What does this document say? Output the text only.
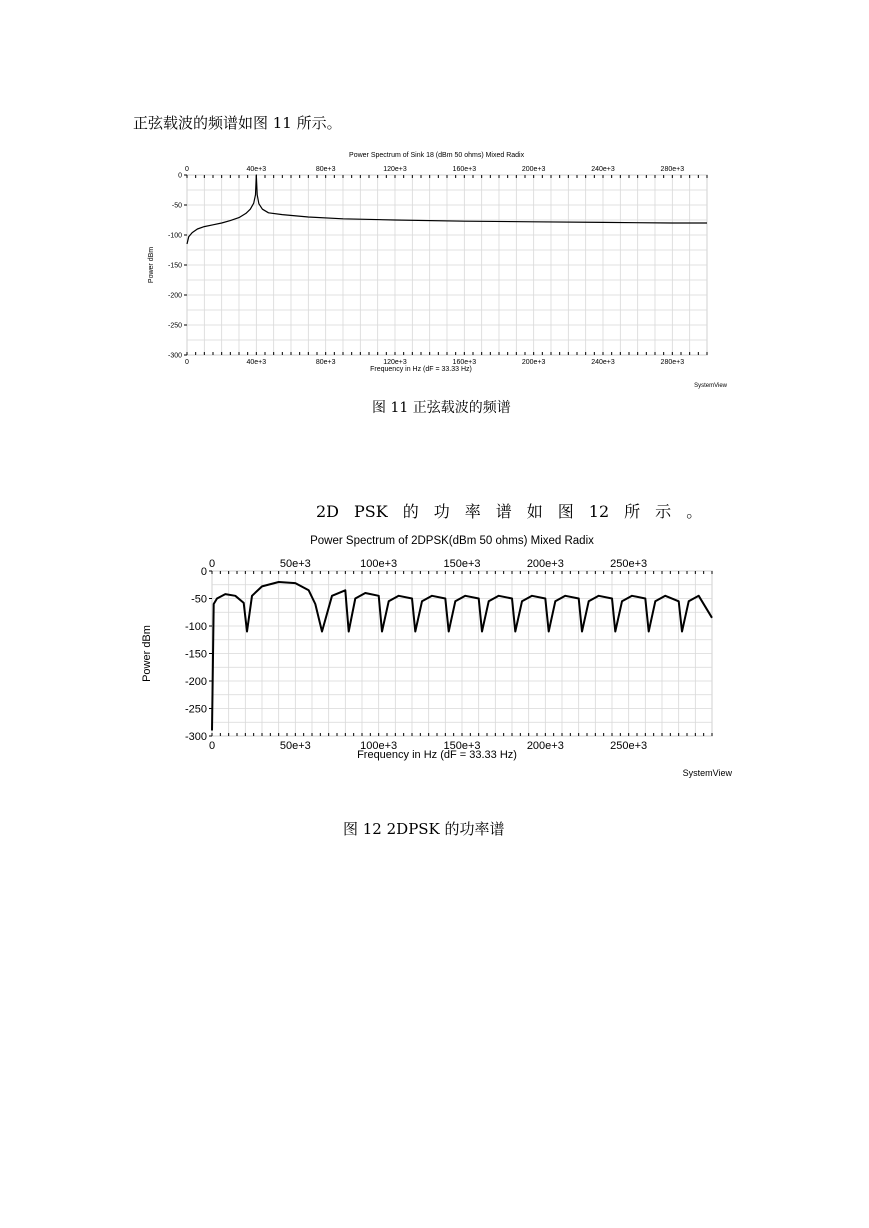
正弦载波的频谱如图 11 所示。
Power Spectrum of Sink 18 (dBm 50 ohms) Mixed Radix
0
0
40e+3
40e+3
80e+3
80e+3
120e+3
120e+3
160e+3
160e+3
200e+3
200e+3
240e+3
240e+3
280e+3
280e+3
0
-50
-100
-150
-200
-250
-300
Frequency in Hz (dF = 33.33 Hz)
Power dBm
SystemView
图 11 正弦载波的频谱
2D PSK 的 功 率 谱 如 图 12 所 示 。
Power Spectrum of 2DPSK(dBm 50 ohms) Mixed Radix
0
0
50e+3
50e+3
100e+3
100e+3
150e+3
150e+3
200e+3
200e+3
250e+3
250e+3
0
-50
-100
-150
-200
-250
-300
Frequency in Hz (dF = 33.33 Hz)
Power dBm
SystemView
图 12 2DPSK 的功率谱
